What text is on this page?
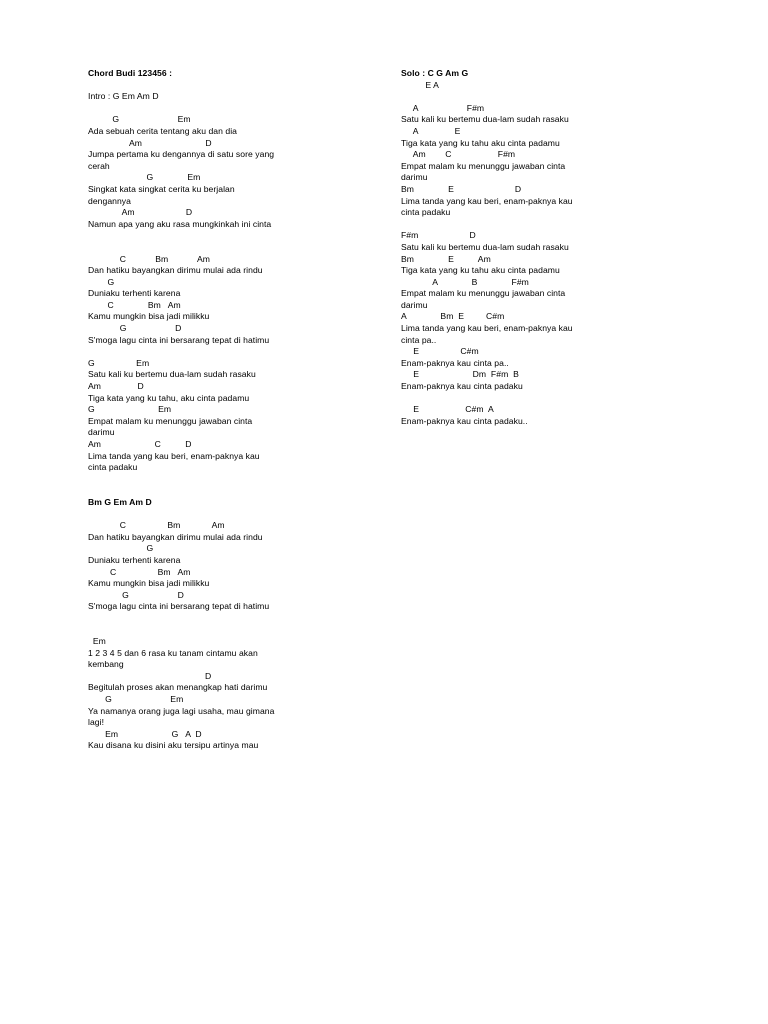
Chord Budi 123456 :
Intro : G Em Am D
G                        Em
Ada sebuah cerita tentang aku dan dia
Am                          D
Jumpa pertama ku dengannya di satu sore yang
cerah
G              Em
Singkat kata singkat cerita ku berjalan
dengannya
Am                     D
Namun apa yang aku rasa mungkinkah ini cinta
C            Bm            Am
Dan hatiku bayangkan dirimu mulai ada rindu
G
Duniaku terhenti karena
C              Bm   Am
Kamu mungkin bisa jadi milikku
G                    D
S'moga lagu cinta ini bersarang tepat di hatimu
G                 Em
Satu kali ku bertemu dua-lam sudah rasaku
Am               D
Tiga kata yang ku tahu, aku cinta padamu
G                          Em
Empat malam ku menunggu jawaban cinta
darimu
Am                      C          D
Lima tanda yang kau beri, enam-paknya kau
cinta padaku
Bm G Em Am D
C                 Bm             Am
Dan hatiku bayangkan dirimu mulai ada rindu
G
Duniaku terhenti karena
C                 Bm   Am
Kamu mungkin bisa jadi milikku
G                    D
S'moga lagu cinta ini bersarang tepat di hatimu
Em
1 2 3 4 5 dan 6 rasa ku tanam cintamu akan
kembang
D
Begitulah proses akan menangkap hati darimu
G                        Em
Ya namanya orang juga lagi usaha, mau gimana
lagi!
Em                      G   A  D
Kau disana ku disini aku tersipu artinya mau
Solo : C G Am G
E A
A                    F#m
Satu kali ku bertemu dua-lam sudah rasaku
A               E
Tiga kata yang ku tahu aku cinta padamu
Am        C                   F#m
Empat malam ku menunggu jawaban cinta
darimu
Bm              E                         D
Lima tanda yang kau beri, enam-paknya kau
cinta padaku
F#m                     D
Satu kali ku bertemu dua-lam sudah rasaku
Bm              E          Am
Tiga kata yang ku tahu aku cinta padamu
A              B              F#m
Empat malam ku menunggu jawaban cinta
darimu
A              Bm  E         C#m
Lima tanda yang kau beri, enam-paknya kau
cinta pa..
E                 C#m
Enam-paknya kau cinta pa..
E                      Dm  F#m  B
Enam-paknya kau cinta padaku
E                   C#m  A
Enam-paknya kau cinta padaku..
